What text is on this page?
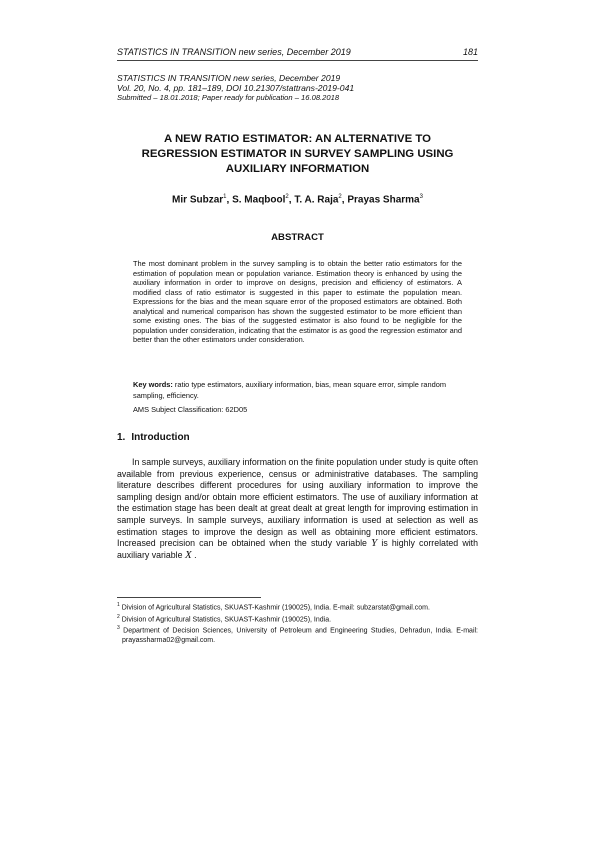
STATISTICS IN TRANSITION new series, December 2019	181
STATISTICS IN TRANSITION new series, December 2019
Vol. 20, No. 4, pp. 181–189, DOI 10.21307/stattrans-2019-041
Submitted – 18.01.2018; Paper ready for publication – 16.08.2018
A NEW RATIO ESTIMATOR: AN ALTERNATIVE TO
REGRESSION ESTIMATOR IN SURVEY SAMPLING USING
AUXILIARY INFORMATION
Mir Subzar$^1$, S. Maqbool$^2$, T. A. Raja$^2$, Prayas Sharma$^3$
ABSTRACT
The most dominant problem in the survey sampling is to obtain the better ratio estimators for the estimation of population mean or population variance. Estimation theory is enhanced by using the auxiliary information in order to improve on designs, precision and efficiency of estimators. A modified class of ratio estimator is suggested in this paper to estimate the population mean. Expressions for the bias and the mean square error of the proposed estimators are obtained. Both analytical and numerical comparison has shown the suggested estimator to be more efficient than some existing ones. The bias of the suggested estimator is also found to be negligible for the population under consideration, indicating that the estimator is as good the regression estimator and better than the other estimators under consideration.
Key words: ratio type estimators, auxiliary information, bias, mean square error, simple random sampling, efficiency.
AMS Subject Classification: 62D05
1. Introduction
In sample surveys, auxiliary information on the finite population under study is quite often available from previous experience, census or administrative databases. The sampling literature describes different procedures for using auxiliary information to improve the sampling design and/or obtain more efficient estimators. The use of auxiliary information at the estimation stage has been dealt at great dealt at great length for improving estimation in sample surveys. In sample surveys, auxiliary information is used at selection as well as estimation stages to improve the design as well as obtaining more efficient estimators. Increased precision can be obtained when the study variable Y is highly correlated with auxiliary variable X .
$^1$ Division of Agricultural Statistics, SKUAST-Kashmir (190025), India. E-mail: subzarstat@gmail.com.
$^2$ Division of Agricultural Statistics, SKUAST-Kashmir (190025), India.
$^3$ Department of Decision Sciences, University of Petroleum and Engineering Studies, Dehradun, India. E-mail: prayassharma02@gmail.com.
